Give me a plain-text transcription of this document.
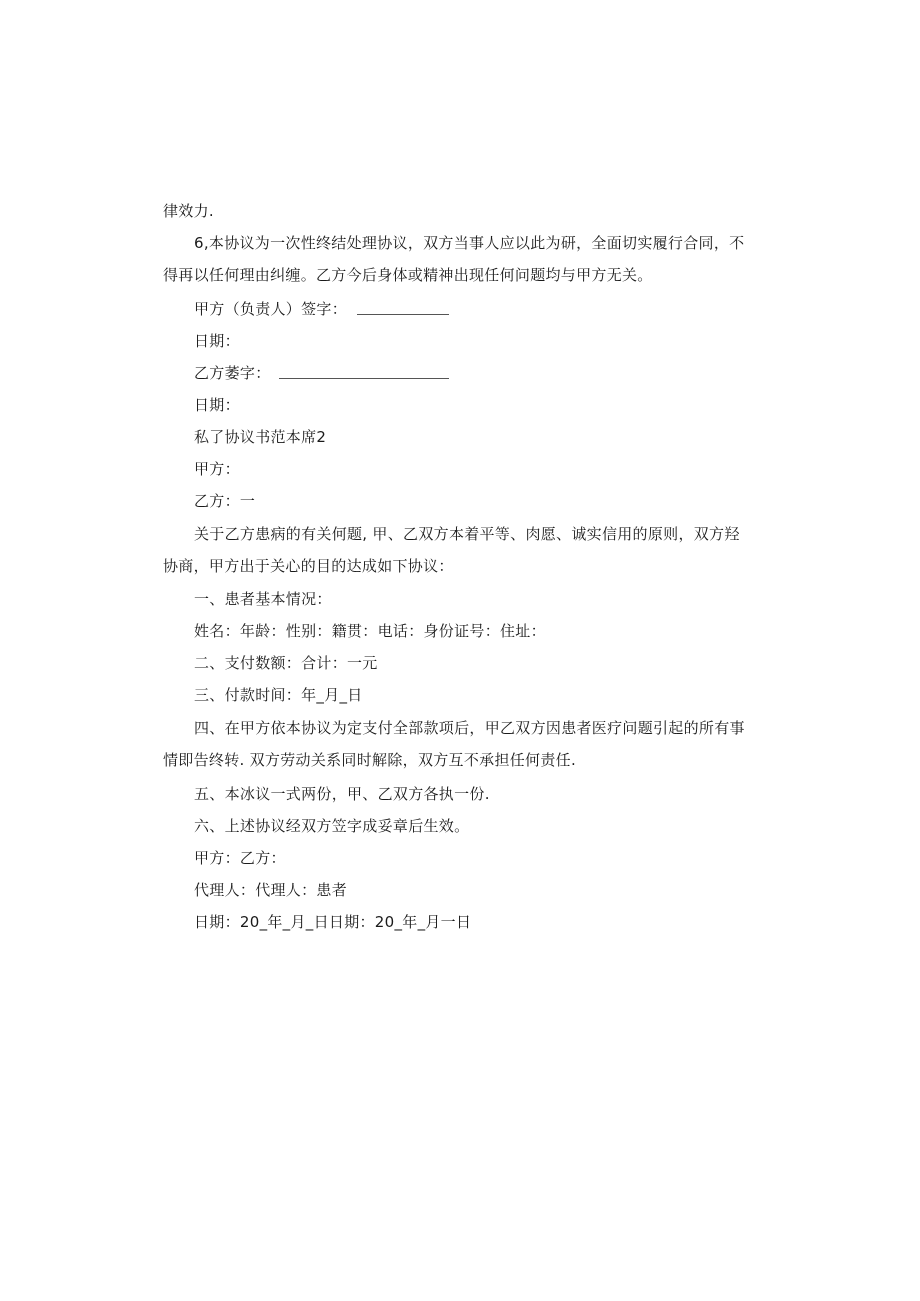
律效力.
6,本协议为一次性终结处理协议，双方当事人应以此为研，全面切实履行合同，不
得再以任何理由纠缠。乙方今后身体或精神出现任何问题均与甲方无关。
甲方（负责人）签字：
日期：
乙方萎字：
日期：
私了协议书范本席2
甲方：
乙方：一
关于乙方患病的有关何题, 甲、乙双方本着平等、肉愿、诚实信用的原则，双方羟
协商，甲方出于关心的目的达成如下协议：
一、患者基本情况：
姓名：年龄：性别：籍贯：电话：身份证号：住址：
二、支付数额：合计：一元
三、付款时间：年_月_日
四、在甲方依本协议为定支付全部款项后，甲乙双方因患者医疗问题引起的所有事
情即告终转. 双方劳动关系同时解除，双方互不承担任何责任.
五、本冰议一式两份，甲、乙双方各执一份.
六、上述协议经双方笠字成妥章后生效。
甲方：乙方：
代理人：代理人：患者
日期：20_年_月_日日期：20_年_月一日
